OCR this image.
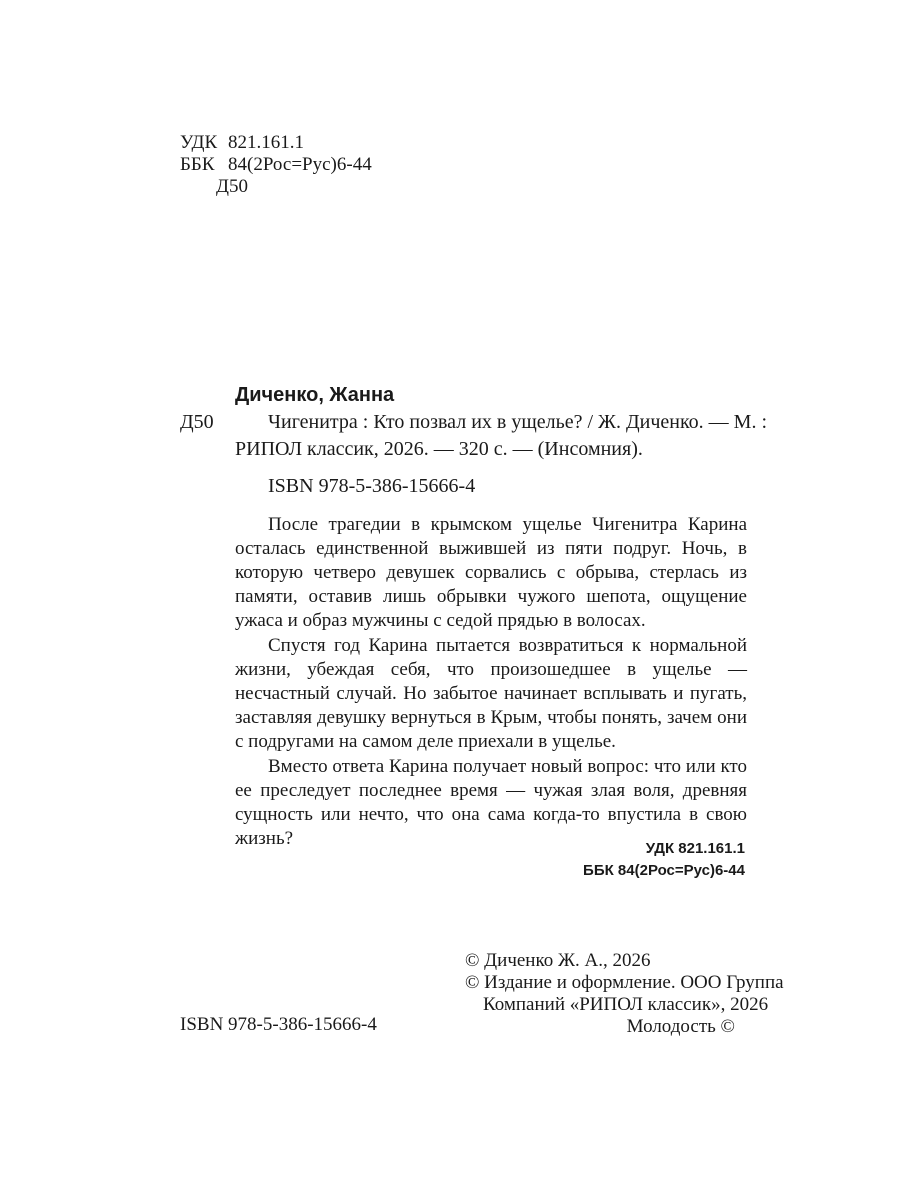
УДК 821.161.1
ББК 84(2Рос=Рус)6-44
Д50
Диченко, Жанна
Д50	Чигенитра : Кто позвал их в ущелье? / Ж. Диченко. — М. :
РИПОЛ классик, 2026. — 320 с. — (Инсомния).
ISBN 978-5-386-15666-4

После трагедии в крымском ущелье Чигенитра Карина осталась единственной выжившей из пяти подруг. Ночь, в которую четверо девушек сорвались с обрыва, стерлась из памяти, оставив лишь обрывки чужого шепота, ощущение ужаса и образ мужчины с седой прядью в волосах.

Спустя год Карина пытается возвратиться к нормальной жизни, убеждая себя, что произошедшее в ущелье — несчастный случай. Но забытое начинает всплывать и пугать, заставляя девушку вернуться в Крым, чтобы понять, зачем они с подругами на самом деле приехали в ущелье.

Вместо ответа Карина получает новый вопрос: что или кто ее преследует последнее время — чужая злая воля, древняя сущность или нечто, что она сама когда-то впустила в свою жизнь?	УДК 821.161.1
ББК 84(2Рос=Рус)6-44
© Диченко Ж. А., 2026
© Издание и оформление. ООО Группа
Компаний «РИПОЛ классик», 2026
Молодость ©
ISBN 978-5-386-15666-4
